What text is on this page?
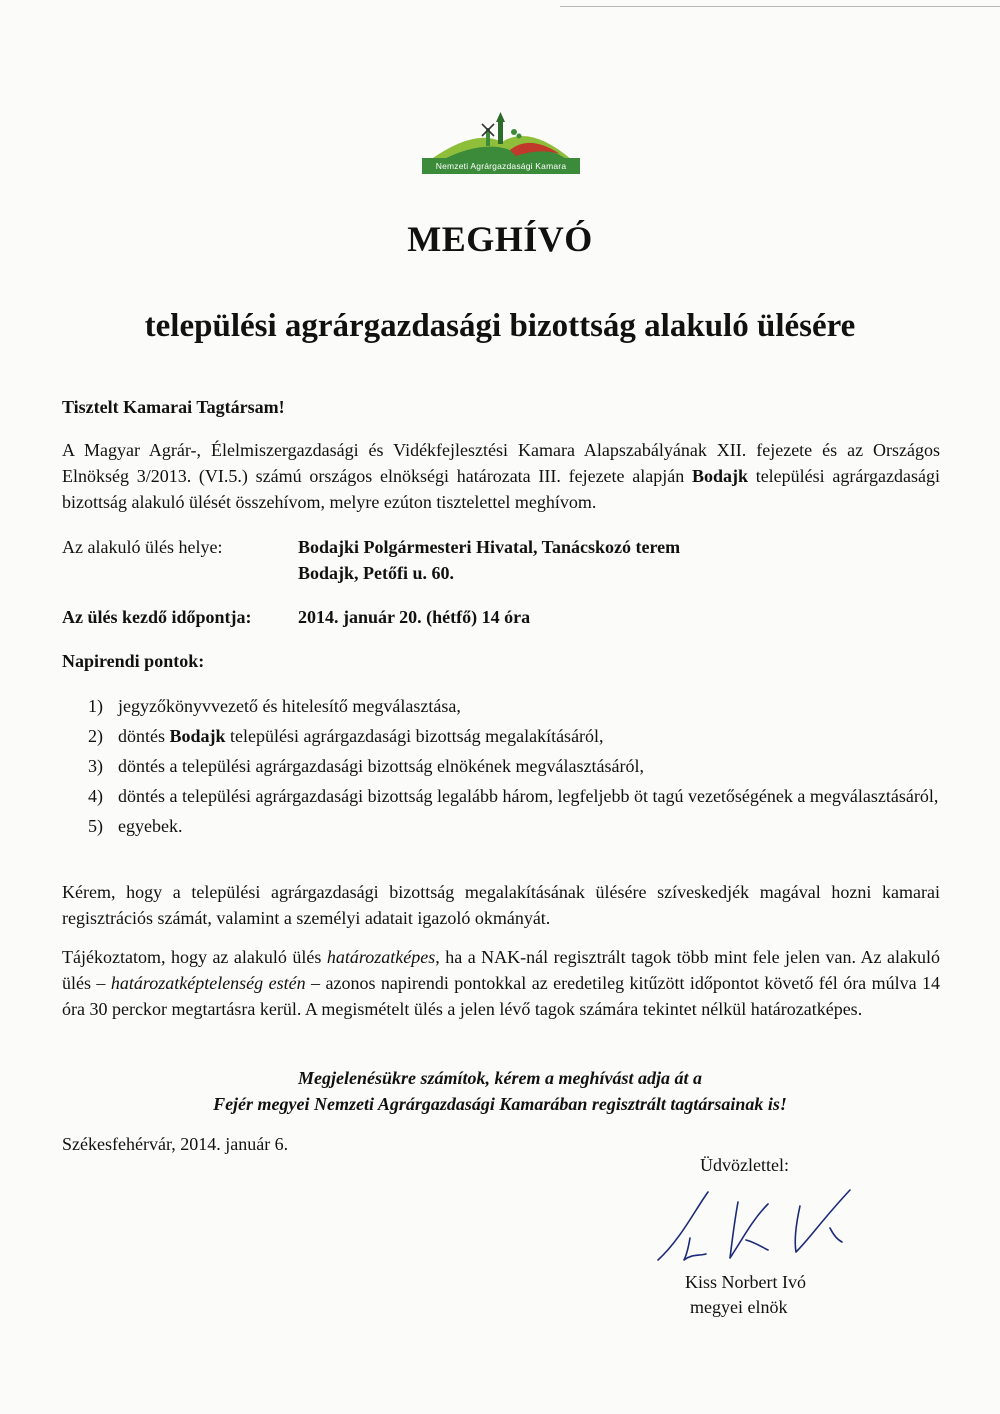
Nemzeti Agrárgazdasági Kamara
MEGHÍVÓ
települési agrárgazdasági bizottság alakuló ülésére
Tisztelt Kamarai Tagtársam!
A Magyar Agrár-, Élelmiszergazdasági és Vidékfejlesztési Kamara Alapszabályának XII. fejezete és az Országos Elnökség 3/2013. (VI.5.) számú országos elnökségi határozata III. fejezete alapján Bodajk települési agrárgazdasági bizottság alakuló ülését összehívom, melyre ezúton tisztelettel meghívom.
Az alakuló ülés helye:	Bodajki Polgármesteri Hivatal, Tanácskozó terem
Bodajk, Petőfi u. 60.
Az ülés kezdő időpontja:	2014. január 20. (hétfő) 14 óra
Napirendi pontok:
1) jegyzőkönyvvezető és hitelesítő megválasztása,
2) döntés Bodajk települési agrárgazdasági bizottság megalakításáról,
3) döntés a települési agrárgazdasági bizottság elnökének megválasztásáról,
4) döntés a települési agrárgazdasági bizottság legalább három, legfeljebb öt tagú vezetőségének a megválasztásáról,
5) egyebek.
Kérem, hogy a települési agrárgazdasági bizottság megalakításának ülésére szíveskedjék magával hozni kamarai regisztrációs számát, valamint a személyi adatait igazoló okmányát.
Tájékoztatom, hogy az alakuló ülés határozatképes, ha a NAK-nál regisztrált tagok több mint fele jelen van. Az alakuló ülés – határozatképtelenség estén – azonos napirendi pontokkal az eredetileg kitűzött időpontot követő fél óra múlva 14 óra 30 perckor megtartásra kerül. A megismételt ülés a jelen lévő tagok számára tekintet nélkül határozatképes.
Megjelenésükre számítok, kérem a meghívást adja át a
Fejér megyei Nemzeti Agrárgazdasági Kamarában regisztrált tagtársainak is!
Székesfehérvár, 2014. január 6.
Üdvözlettel:
Kiss Norbert Ivó
megyei elnök
